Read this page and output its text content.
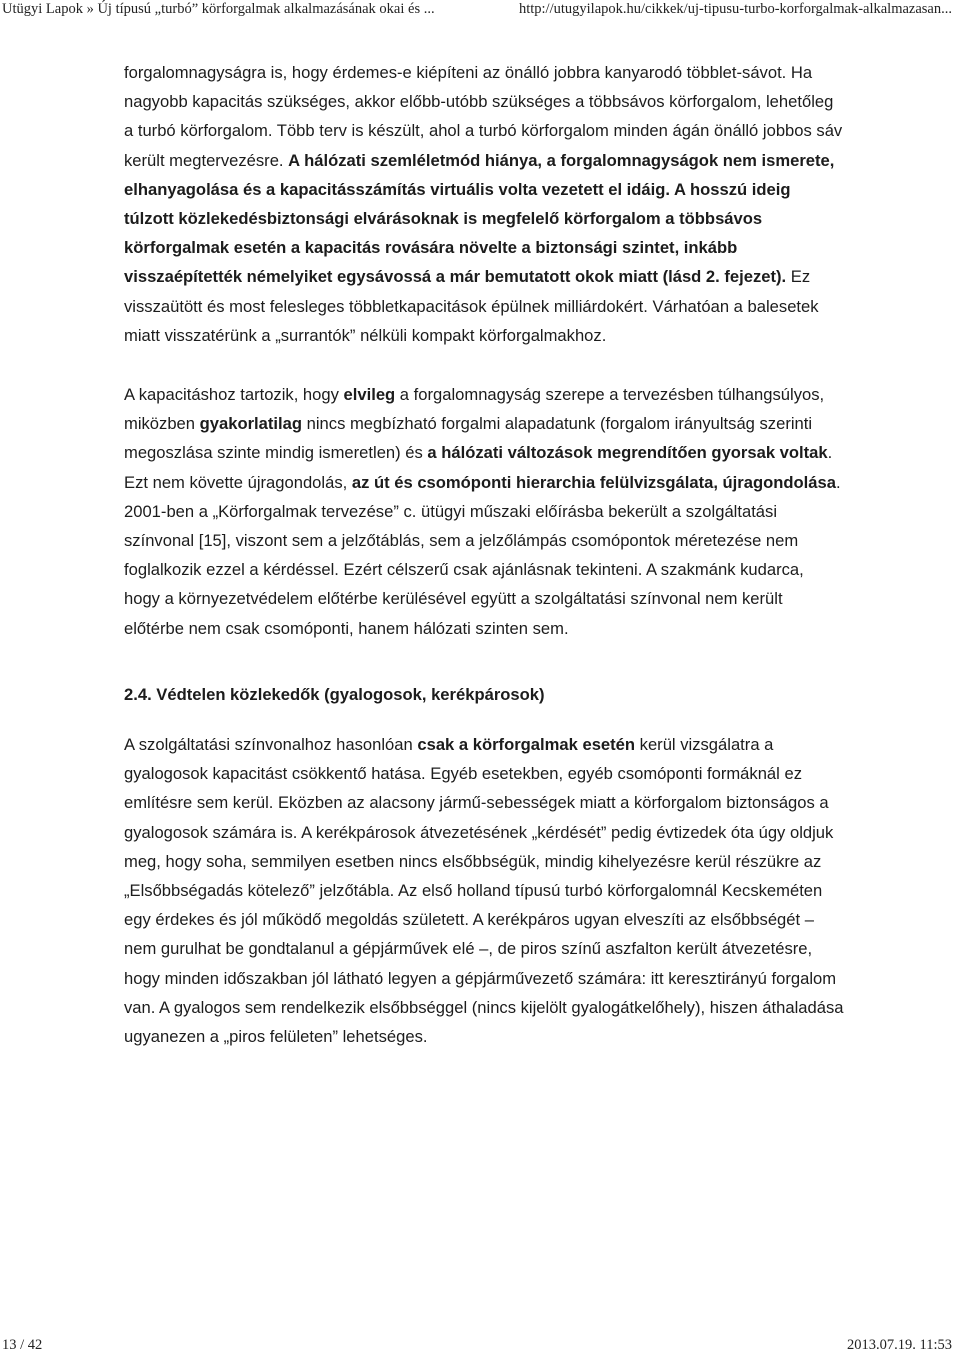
Utügyi Lapok » Új típusú „turbó” körforgalmak alkalmazásának okai és ...	http://utugyilapok.hu/cikkek/uj-tipusu-turbo-korforgalmak-alkalmazasan...

forgalomnagyságra is, hogy érdemes-e kiépíteni az önálló jobbra kanyarodó többlet-sávot. Ha nagyobb kapacitás szükséges, akkor előbb-utóbb szükséges a többsávos körforgalom, lehetőleg a turbó körforgalom. Több terv is készült, ahol a turbó körforgalom minden ágán önálló jobbos sáv került megtervezésre. A hálózati szemléletmód hiánya, a forgalomnagyságok nem ismerete, elhanyagolása és a kapacitásszámítás virtuális volta vezetett el idáig. A hosszú ideig túlzott közlekedésbiztonsági elvárásoknak is megfelelő körforgalom a többsávos körforgalmak esetén a kapacitás rovására növelte a biztonsági szintet, inkább visszaépítették némelyiket egysávossá a már bemutatott okok miatt (lásd 2. fejezet). Ez visszaütött és most felesleges többletkapacitások épülnek milliárdokért. Várhatóan a balesetek miatt visszatérünk a „surrantók” nélküli kompakt körforgalmakhoz.

A kapacitáshoz tartozik, hogy elvileg a forgalomnagyság szerepe a tervezésben túlhangsúlyos, miközben gyakorlatilag nincs megbízható forgalmi alapadatunk (forgalom irányultság szerinti megoszlása szinte mindig ismeretlen) és a hálózati változások megrendítően gyorsak voltak. Ezt nem követte újragondolás, az út és csomóponti hierarchia felülvizsgálata, újragondolása. 2001-ben a „Körforgalmak tervezése” c. ütügyi műszaki előírásba bekerült a szolgáltatási színvonal [15], viszont sem a jelzőtáblás, sem a jelzőlámpás csomópontok méretezése nem foglalkozik ezzel a kérdéssel. Ezért célszerű csak ajánlásnak tekinteni. A szakmánk kudarca, hogy a környezetvédelem előtérbe kerülésével együtt a szolgáltatási színvonal nem került előtérbe nem csak csomóponti, hanem hálózati szinten sem.

2.4. Védtelen közlekedők (gyalogosok, kerékpárosok)

A szolgáltatási színvonalhoz hasonlóan csak a körforgalmak esetén kerül vizsgálatra a gyalogosok kapacitást csökkentő hatása. Egyéb esetekben, egyéb csomóponti formáknál ez említésre sem kerül. Eközben az alacsony jármű-sebességek miatt a körforgalom biztonságos a gyalogosok számára is. A kerékpárosok átvezetésének „kérdését” pedig évtizedek óta úgy oldjuk meg, hogy soha, semmilyen esetben nincs elsőbbségük, mindig kihelyezésre kerül részükre az „Elsőbbségadás kötelező” jelzőtábla. Az első holland típusú turbó körforgalomnál Kecskeméten egy érdekes és jól működő megoldás született. A kerékpáros ugyan elveszíti az elsőbbségét – nem gurulhat be gondtalanul a gépjárművek elé –, de piros színű aszfalton került átvezetésre, hogy minden időszakban jól látható legyen a gépjárművezető számára: itt keresztirányú forgalom van. A gyalogos sem rendelkezik elsőbbséggel (nincs kijelölt gyalogátkelőhely), hiszen áthaladása ugyanezen a „piros felületen” lehetséges.

13 / 42	2013.07.19. 11:53
